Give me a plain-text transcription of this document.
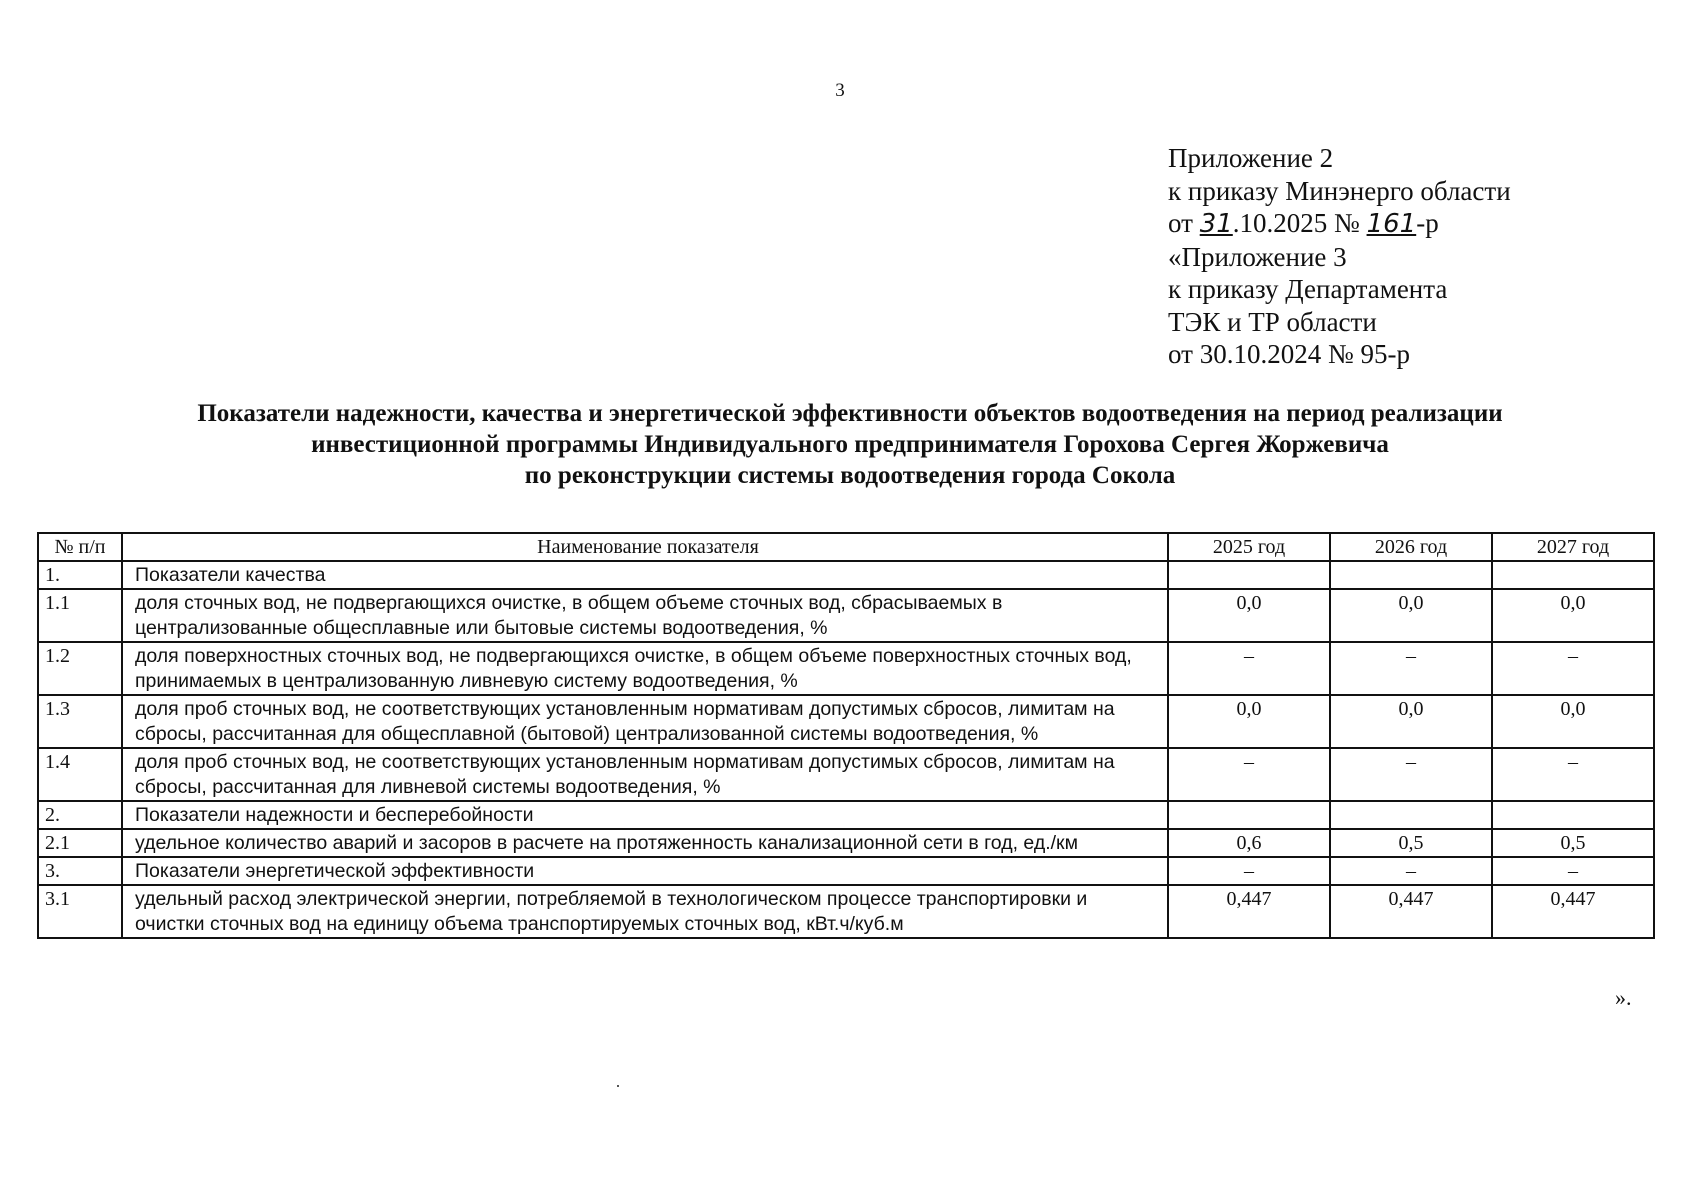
3
Приложение 2
к приказу Минэнерго области
от 31.10.2025 № 161-р
«Приложение 3
к приказу Департамента
ТЭК и ТР области
от 30.10.2024 № 95-р
Показатели надежности, качества и энергетической эффективности объектов водоотведения на период реализации
инвестиционной программы Индивидуального предпринимателя Горохова Сергея Жоржевича
по реконструкции системы водоотведения города Сокола
№ п/п	Наименование показателя	2025 год	2026 год	2027 год
1.	Показатели качества			
1.1	доля сточных вод, не подвергающихся очистке, в общем объеме сточных вод, сбрасываемых в централизованные общесплавные или бытовые системы водоотведения, %	0,0	0,0	0,0
1.2	доля поверхностных сточных вод, не подвергающихся очистке, в общем объеме поверхностных сточных вод, принимаемых в централизованную ливневую систему водоотведения, %	–	–	–
1.3	доля проб сточных вод, не соответствующих установленным нормативам допустимых сбросов, лимитам на сбросы, рассчитанная для общесплавной (бытовой) централизованной системы водоотведения, %	0,0	0,0	0,0
1.4	доля проб сточных вод, не соответствующих установленным нормативам допустимых сбросов, лимитам на сбросы, рассчитанная для ливневой системы водоотведения, %	–	–	–
2.	Показатели надежности и бесперебойности			
2.1	удельное количество аварий и засоров в расчете на протяженность канализационной сети в год, ед./км	0,6	0,5	0,5
3.	Показатели энергетической эффективности	–	–	–
3.1	удельный расход электрической энергии, потребляемой в технологическом процессе транспортировки и очистки сточных вод на единицу объема транспортируемых сточных вод, кВт.ч/куб.м	0,447	0,447	0,447
».
